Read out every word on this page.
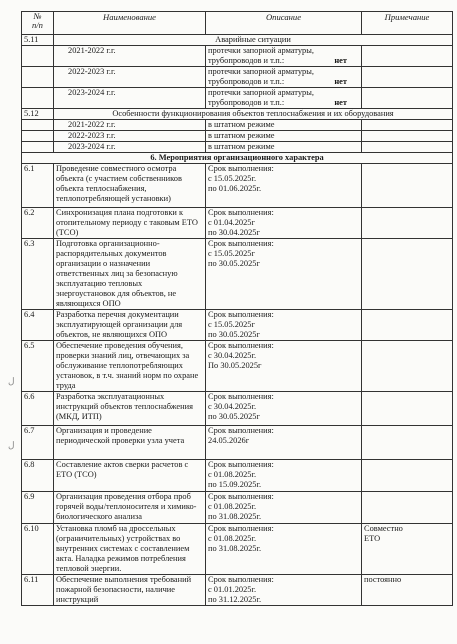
№
п/п	Наименование	Описание	Примечание
5.11	Аварийные ситуации		
	2021-2022 г.г.	протечки запорной арматуры,
трубопроводов и т.п.: нет	

	2022-2023 г.г.	протечки запорной арматуры,
трубопроводов и т.п.: нет	

	2023-2024 г.г.	протечки запорной арматуры,
трубопроводов и т.п.: нет	

5.12	Особенности функционирования объектов теплоснабжения и их оборудования		
	2021-2022 г.г.	в штатном режиме	
	2022-2023 г.г.	в штатном режиме	
	2023-2024 г.г.	в штатном режиме	
6. Мероприятия организационного характера			
6.1	Проведение совместного осмотра объекта (с участием собственников объекта теплоснабжения, теплопотребляющей установки)	Срок выполнения:
с 15.05.2025г.
по 01.06.2025г.	
6.2	Синхронизация плана подготовки к отопительному периоду с таковым ЕТО (ТСО)	Срок выполнения:
с 01.04.2025г
по 30.04.2025г	
6.3	Подготовка организационно-распорядительных документов организации о назначении ответственных лиц за безопасную эксплуатацию тепловых энергоустановок для объектов, не являющихся ОПО	Срок выполнения:
с 15.05.2025г
по 30.05.2025г	
6.4	Разработка перечня документации эксплуатирующей организации для объектов, не являющихся ОПО	Срок выполнения:
с 15.05.2025г
по 30.05.2025г	
6.5	Обеспечение проведения обучения, проверки знаний лиц, отвечающих за обслуживание теплопотребляющих установок, в т.ч. знаний норм по охране труда	Срок выполнения:
с 30.04.2025г.
По 30.05.2025г	
6.6	Разработка эксплуатационных инструкций объектов теплоснабжения (МКД, ИТП)	Срок выполнения:
с 30.04.2025г.
по 30.05.2025г	
6.7	Организация и проведение периодической проверки узла учета	Срок выполнения:
24.05.2026г	
6.8	Составление актов сверки расчетов с ЕТО (ТСО)	Срок выполнения:
с 01.08.2025г.
по 15.09.2025г.	
6.9	Организация проведения отбора проб горячей воды/теплоносителя и химико-биологического анализа	Срок выполнения:
с 01.08.2025г.
по 31.08.2025г.	
6.10	Установка пломб на дроссельных (ограничительных) устройствах во внутренних системах с составлением акта. Наладка режимов потребления тепловой энергии.	Срок выполнения:
с 01.08.2025г.
по 31.08.2025г.	Совместно
ЕТО
6.11	Обеспечение выполнения требований пожарной безопасности, наличие инструкций	Срок выполнения:
с 01.01.2025г.
по 31.12.2025г.	постоянно
ل
ل
